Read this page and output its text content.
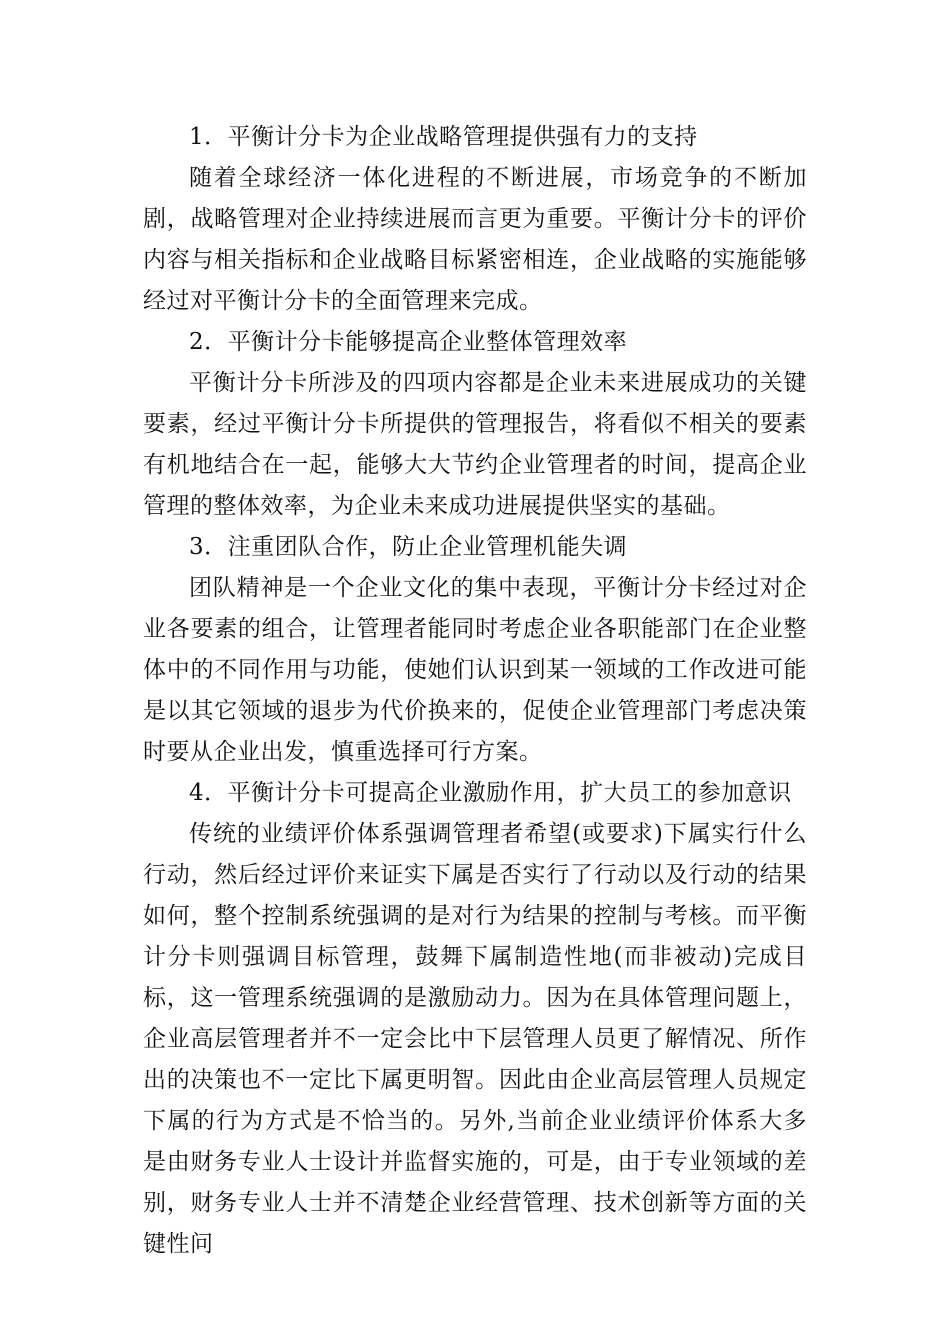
1．平衡计分卡为企业战略管理提供强有力的支持

随着全球经济一体化进程的不断进展，市场竞争的不断加剧，战略管理对企业持续进展而言更为重要。平衡计分卡的评价内容与相关指标和企业战略目标紧密相连，企业战略的实施能够经过对平衡计分卡的全面管理来完成。

2．平衡计分卡能够提高企业整体管理效率

平衡计分卡所涉及的四项内容都是企业未来进展成功的关键要素，经过平衡计分卡所提供的管理报告，将看似不相关的要素有机地结合在一起，能够大大节约企业管理者的时间，提高企业管理的整体效率，为企业未来成功进展提供坚实的基础。

3．注重团队合作，防止企业管理机能失调

团队精神是一个企业文化的集中表现，平衡计分卡经过对企业各要素的组合，让管理者能同时考虑企业各职能部门在企业整体中的不同作用与功能，使她们认识到某一领域的工作改进可能是以其它领域的退步为代价换来的，促使企业管理部门考虑决策时要从企业出发，慎重选择可行方案。

4．平衡计分卡可提高企业激励作用，扩大员工的参加意识

传统的业绩评价体系强调管理者希望(或要求)下属实行什么行动，然后经过评价来证实下属是否实行了行动以及行动的结果如何，整个控制系统强调的是对行为结果的控制与考核。而平衡计分卡则强调目标管理，鼓舞下属制造性地(而非被动)完成目标，这一管理系统强调的是激励动力。因为在具体管理问题上，企业高层管理者并不一定会比中下层管理人员更了解情况、所作出的决策也不一定比下属更明智。因此由企业高层管理人员规定下属的行为方式是不恰当的。另外,当前企业业绩评价体系大多是由财务专业人士设计并监督实施的，可是，由于专业领域的差别，财务专业人士并不清楚企业经营管理、技术创新等方面的关键性问
